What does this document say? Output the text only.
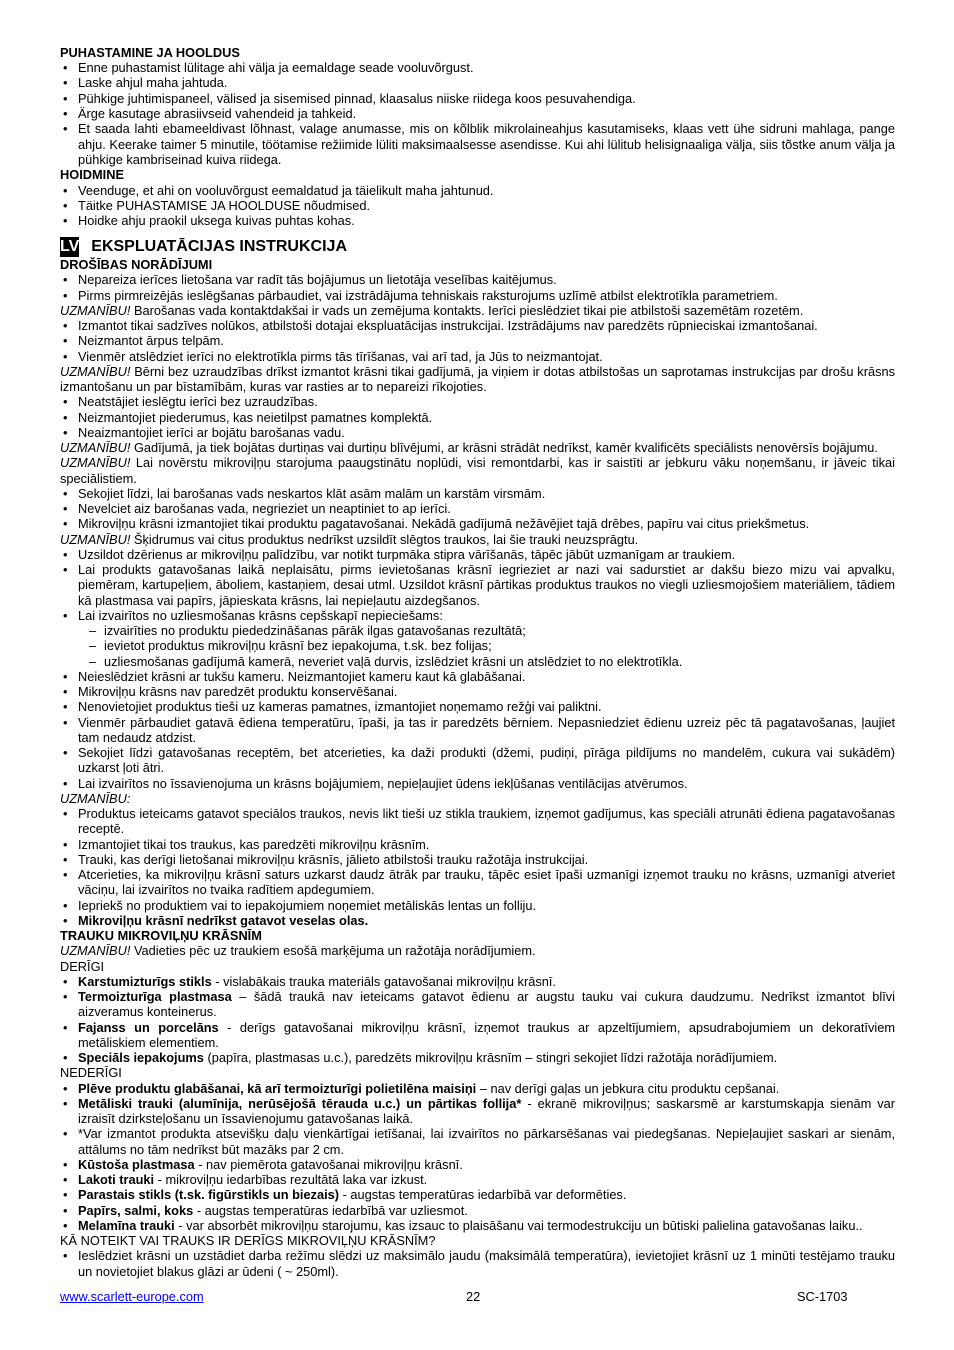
PUHASTAMINE JA HOOLDUS
• Enne puhastamist lülitage ahi välja ja eemaldage seade vooluvõrgust.
• Laske ahjul maha jahtuda.
• Pühkige juhtimispaneel, välised ja sisemised pinnad, klaasalus niiske riidega koos pesuvahendiga.
• Ärge kasutage abrasiivseid vahendeid ja tahkeid.
• Et saada lahti ebameeldivast lõhnast, valage anumasse, mis on kõlblik mikrolaineahjus kasutamiseks, klaas vett ühe sidruni mahlaga, pange ahju. Keerake taimer 5 minutile, töötamise režiimide lüliti maksimaalsesse asendisse. Kui ahi lülitub helisignaaliga välja, siis tõstke anum välja ja pühkige kambriseinad kuiva riidega.
HOIDMINE
• Veenduge, et ahi on vooluvõrgust eemaldatud ja täielikult maha jahtunud.
• Täitke PUHASTAMISE JA HOOLDUSE nõudmised.
• Hoidke ahju praokil uksega kuivas puhtas kohas.
LV EKSPLUATĀCIJAS INSTRUKCIJA
DROŠĪBAS NORĀDĪJUMI
• Nepareiza ierīces lietošana var radīt tās bojājumus un lietotāja veselības kaitējumus.
• Pirms pirmreizējās ieslēgšanas pārbaudiet, vai izstrādājuma tehniskais raksturojums uzlīmē atbilst elektrotīkla parametriem.
UZMANĪBU! Barošanas vada kontaktdakšai ir vads un zemējuma kontakts. Ierīci pieslēdziet tikai pie atbilstoši sazemētām rozetēm.
• Izmantot tikai sadzīves nolūkos, atbilstoši dotajai ekspluatācijas instrukcijai. Izstrādājums nav paredzēts rūpnieciskai izmantošanai.
• Neizmantot ārpus telpām.
• Vienmēr atslēdziet ierīci no elektrotīkla pirms tās tīrīšanas, vai arī tad, ja Jūs to neizmantojat.
UZMANĪBU! Bērni bez uzraudzības drīkst izmantot krāsni tikai gadījumā, ja viņiem ir dotas atbilstošas un saprotamas instrukcijas par drošu krāsns izmantošanu un par bīstamībām, kuras var rasties ar to nepareizi rīkojoties.
• Neatstājiet ieslēgtu ierīci bez uzraudzības.
• Neizmantojiet piederumus, kas neietilpst pamatnes komplektā.
• Neaizmantojiet ierīci ar bojātu barošanas vadu.
UZMANĪBU! Gadījumā, ja tiek bojātas durtiņas vai durtiņu blīvējumi, ar krāsni strādāt nedrīkst, kamēr kvalificēts speciālists nenovērsīs bojājumu.
UZMANĪBU! Lai novērstu mikroviļņu starojuma paaugstinātu noplūdi, visi remontdarbi, kas ir saistīti ar jebkuru vāku noņemšanu, ir jāveic tikai speciālistiem.
• Sekojiet līdzi, lai barošanas vads neskartos klāt asām malām un karstām virsmām.
• Nevelciet aiz barošanas vada, negrieziet un neaptiniet to ap ierīci.
• Mikroviļņu krāsni izmantojiet tikai produktu pagatavošanai. Nekādā gadījumā nežāvējiet tajā drēbes, papīru vai citus priekšmetus.
UZMANĪBU! Šķidrumus vai citus produktus nedrīkst uzsildīt slēgtos traukos, lai šie trauki neuzsprāgtu.
• Uzsildot dzērienus ar mikroviļņu palīdzību, var notikt turpmāka stipra vārīšanās, tāpēc jābūt uzmanīgam ar traukiem.
• Lai produkts gatavošanas laikā neplaisātu, pirms ievietošanas krāsnī iegrieziet ar nazi vai sadurstiet ar dakšu biezo mizu vai apvalku, piemēram, kartupeļiem, āboliem, kastaņiem, desai utml. Uzsildot krāsnī pārtikas produktus traukos no viegli uzliesmojošiem materiāliem, tādiem kā plastmasa vai papīrs, jāpieskata krāsns, lai nepieļautu aizdegšanos.
• Lai izvairītos no uzliesmošanas krāsns cepšskapī nepieciešams:
– izvairīties no produktu piededzināšanas pārāk ilgas gatavošanas rezultātā;
– ievietot produktus mikroviļņu krāsnī bez iepakojuma, t.sk. bez folijas;
– uzliesmošanas gadījumā kamerā, neveriet vaļā durvis, izslēdziet krāsni un atslēdziet to no elektrotīkla.
• Neieslēdziet krāsni ar tukšu kameru. Neizmantojiet kameru kaut kā glabāšanai.
• Mikroviļņu krāsns nav paredzēt produktu konservēšanai.
• Nenovietojiet produktus tieši uz kameras pamatnes, izmantojiet noņemamo režģi vai paliktni.
• Vienmēr pārbaudiet gatavā ēdiena temperatūru, īpaši, ja tas ir paredzēts bērniem. Nepasniedziet ēdienu uzreiz pēc tā pagatavošanas, ļaujiet tam nedaudz atdzist.
• Sekojiet līdzi gatavošanas receptēm, bet atcerieties, ka daži produkti (džemi, pudiņi, pīrāga pildījums no mandelēm, cukura vai sukādēm) uzkarst ļoti ātri.
• Lai izvairītos no īssavienojuma un krāsns bojājumiem, nepieļaujiet ūdens iekļūšanas ventilācijas atvērumos.
UZMANĪBU:
• Produktus ieteicams gatavot speciālos traukos, nevis likt tieši uz stikla traukiem, izņemot gadījumus, kas speciāli atrunāti ēdiena pagatavošanas receptē.
• Izmantojiet tikai tos traukus, kas paredzēti mikroviļņu krāsnīm.
• Trauki, kas derīgi lietošanai mikroviļņu krāsnīs, jālieto atbilstoši trauku ražotāja instrukcijai.
• Atcerieties, ka mikroviļņu krāsnī saturs uzkarst daudz ātrāk par trauku, tāpēc esiet īpaši uzmanīgi izņemot trauku no krāsns, uzmanīgi atveriet vāciņu, lai izvairītos no tvaika radītiem apdegumiem.
• Iepriekš no produktiem vai to iepakojumiem noņemiet metāliskās lentas un folliju.
• Mikroviļņu krāsnī nedrīkst gatavot veselas olas.
TRAUKU MIKROVIĻŅU KRĀSNĪM
UZMANĪBU! Vadieties pēc uz traukiem esošā marķējuma un ražotāja norādījumiem.
DERĪGI
• Karstumizturīgs stikls - vislabākais trauka materiāls gatavošanai mikroviļņu krāsnī.
• Termoizturīga plastmasa – šādā traukā nav ieteicams gatavot ēdienu ar augstu tauku vai cukura daudzumu. Nedrīkst izmantot blīvi aizveramus konteinerus.
• Fajanss un porcelāns - derīgs gatavošanai mikroviļņu krāsnī, izņemot traukus ar apzeltījumiem, apsudrabojumiem un dekoratīviem metāliskiem elementiem.
• Speciāls iepakojums (papīra, plastmasas u.c.), paredzēts mikroviļņu krāsnīm – stingri sekojiet līdzi ražotāja norādījumiem.
NEDERĪGI
• Plēve produktu glabāšanai, kā arī termoizturīgi polietilēna maisiņi – nav derīgi gaļas un jebkura citu produktu cepšanai.
• Metāliski trauki (alumīnija, nerūsējošā tērauda u.c.) un pārtikas follija* - ekranē mikroviļņus; saskarsmē ar karstumskapja sienām var izraisīt dzirksteļošanu un īssavienojumu gatavošanas laikā.
• *Var izmantot produkta atsevišķu daļu vienkārtīgai ietīšanai, lai izvairītos no pārkarsēšanas vai piedegšanas. Nepieļaujiet saskari ar sienām, attālums no tām nedrīkst būt mazāks par 2 cm.
• Kūstoša plastmasa - nav piemērota gatavošanai mikroviļņu krāsnī.
• Lakoti trauki - mikroviļņu iedarbības rezultātā laka var izkust.
• Parastais stikls (t.sk. figūrstikls un biezais) - augstas temperatūras iedarbībā var deformēties.
• Papīrs, salmi, koks - augstas temperatūras iedarbībā var uzliesmot.
• Melamīna trauki - var absorbēt mikroviļņu starojumu, kas izsauc to plaisāšanu vai termodestrukciju un būtiski palielina gatavošanas laiku..
KĀ NOTEIKT VAI TRAUKS IR DERĪGS MIKROVIĻŅU KRĀSNĪM?
• Ieslēdziet krāsni un uzstādiet darba režīmu slēdzi uz maksimālo jaudu (maksimālā temperatūra), ievietojiet krāsnī uz 1 minūti testējamo trauku un novietojiet blakus glāzi ar ūdeni ( ~ 250ml).
www.scarlett-europe.com	22	SC-1703
